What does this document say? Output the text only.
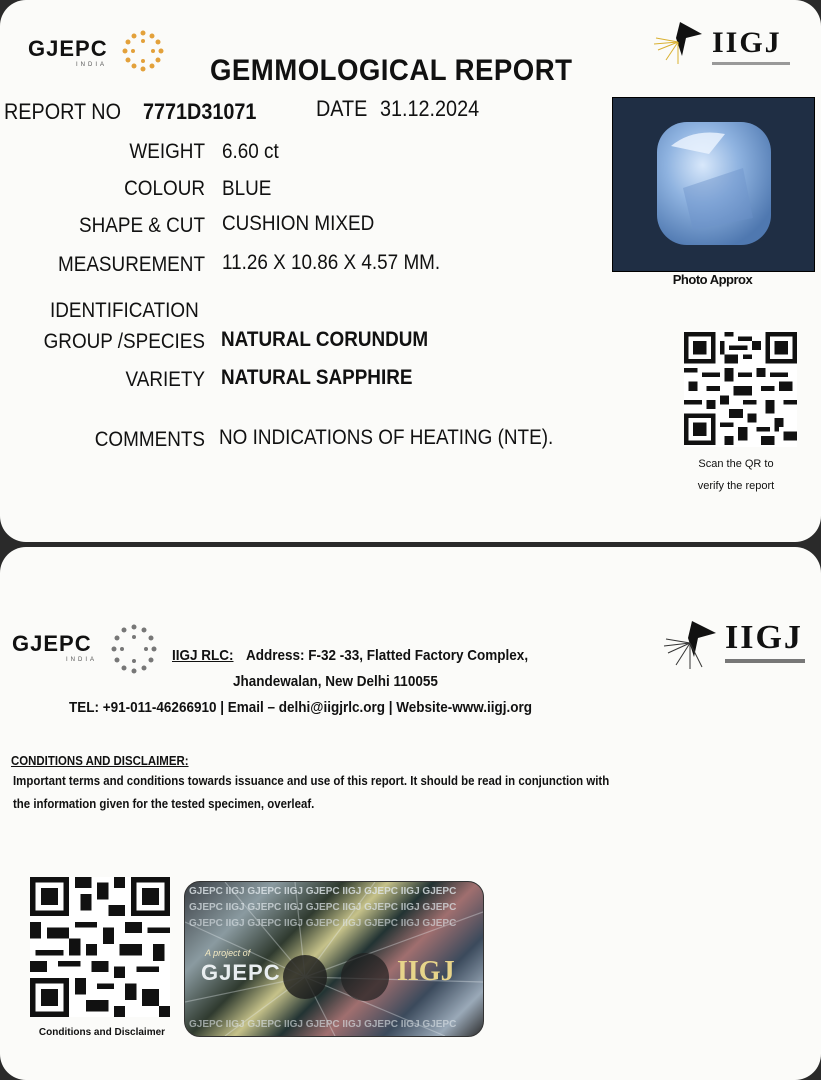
GJEPC
INDIA
IIGJ
GEMMOLOGICAL REPORT
REPORT NO 7771D31071	DATE 31.12.2024
WEIGHT 6.60 ct
COLOUR BLUE
SHAPE & CUT CUSHION MIXED
MEASUREMENT 11.26 X 10.86 X 4.57 MM.
IDENTIFICATION
GROUP /SPECIES NATURAL CORUNDUM
VARIETY NATURAL SAPPHIRE
COMMENTS NO INDICATIONS OF HEATING (NTE).
Photo Approx
Scan the QR to
verify the report
GJEPC
INDIA
IIGJ
IIGJ RLC: Address: F-32 -33, Flatted Factory Complex,
Jhandewalan, New Delhi 110055
TEL: +91-011-46266910 | Email – delhi@iigjrlc.org | Website-www.iigj.org
CONDITIONS AND DISCLAIMER:
Important terms and conditions towards issuance and use of this report. It should be read in conjunction with
the information given for the tested specimen, overleaf.
Conditions and Disclaimer
GJEPC IIGJ GJEPC IIGJ GJEPC IIGJ GJEPC IIGJ GJEPC
GJEPC IIGJ GJEPC IIGJ GJEPC IIGJ GJEPC IIGJ GJEPC
GJEPC IIGJ GJEPC IIGJ GJEPC IIGJ GJEPC IIGJ GJEPC
A project of
GJEPC	IIGJ
GJEPC IIGJ GJEPC IIGJ GJEPC IIGJ GJEPC IIGJ GJEPC
